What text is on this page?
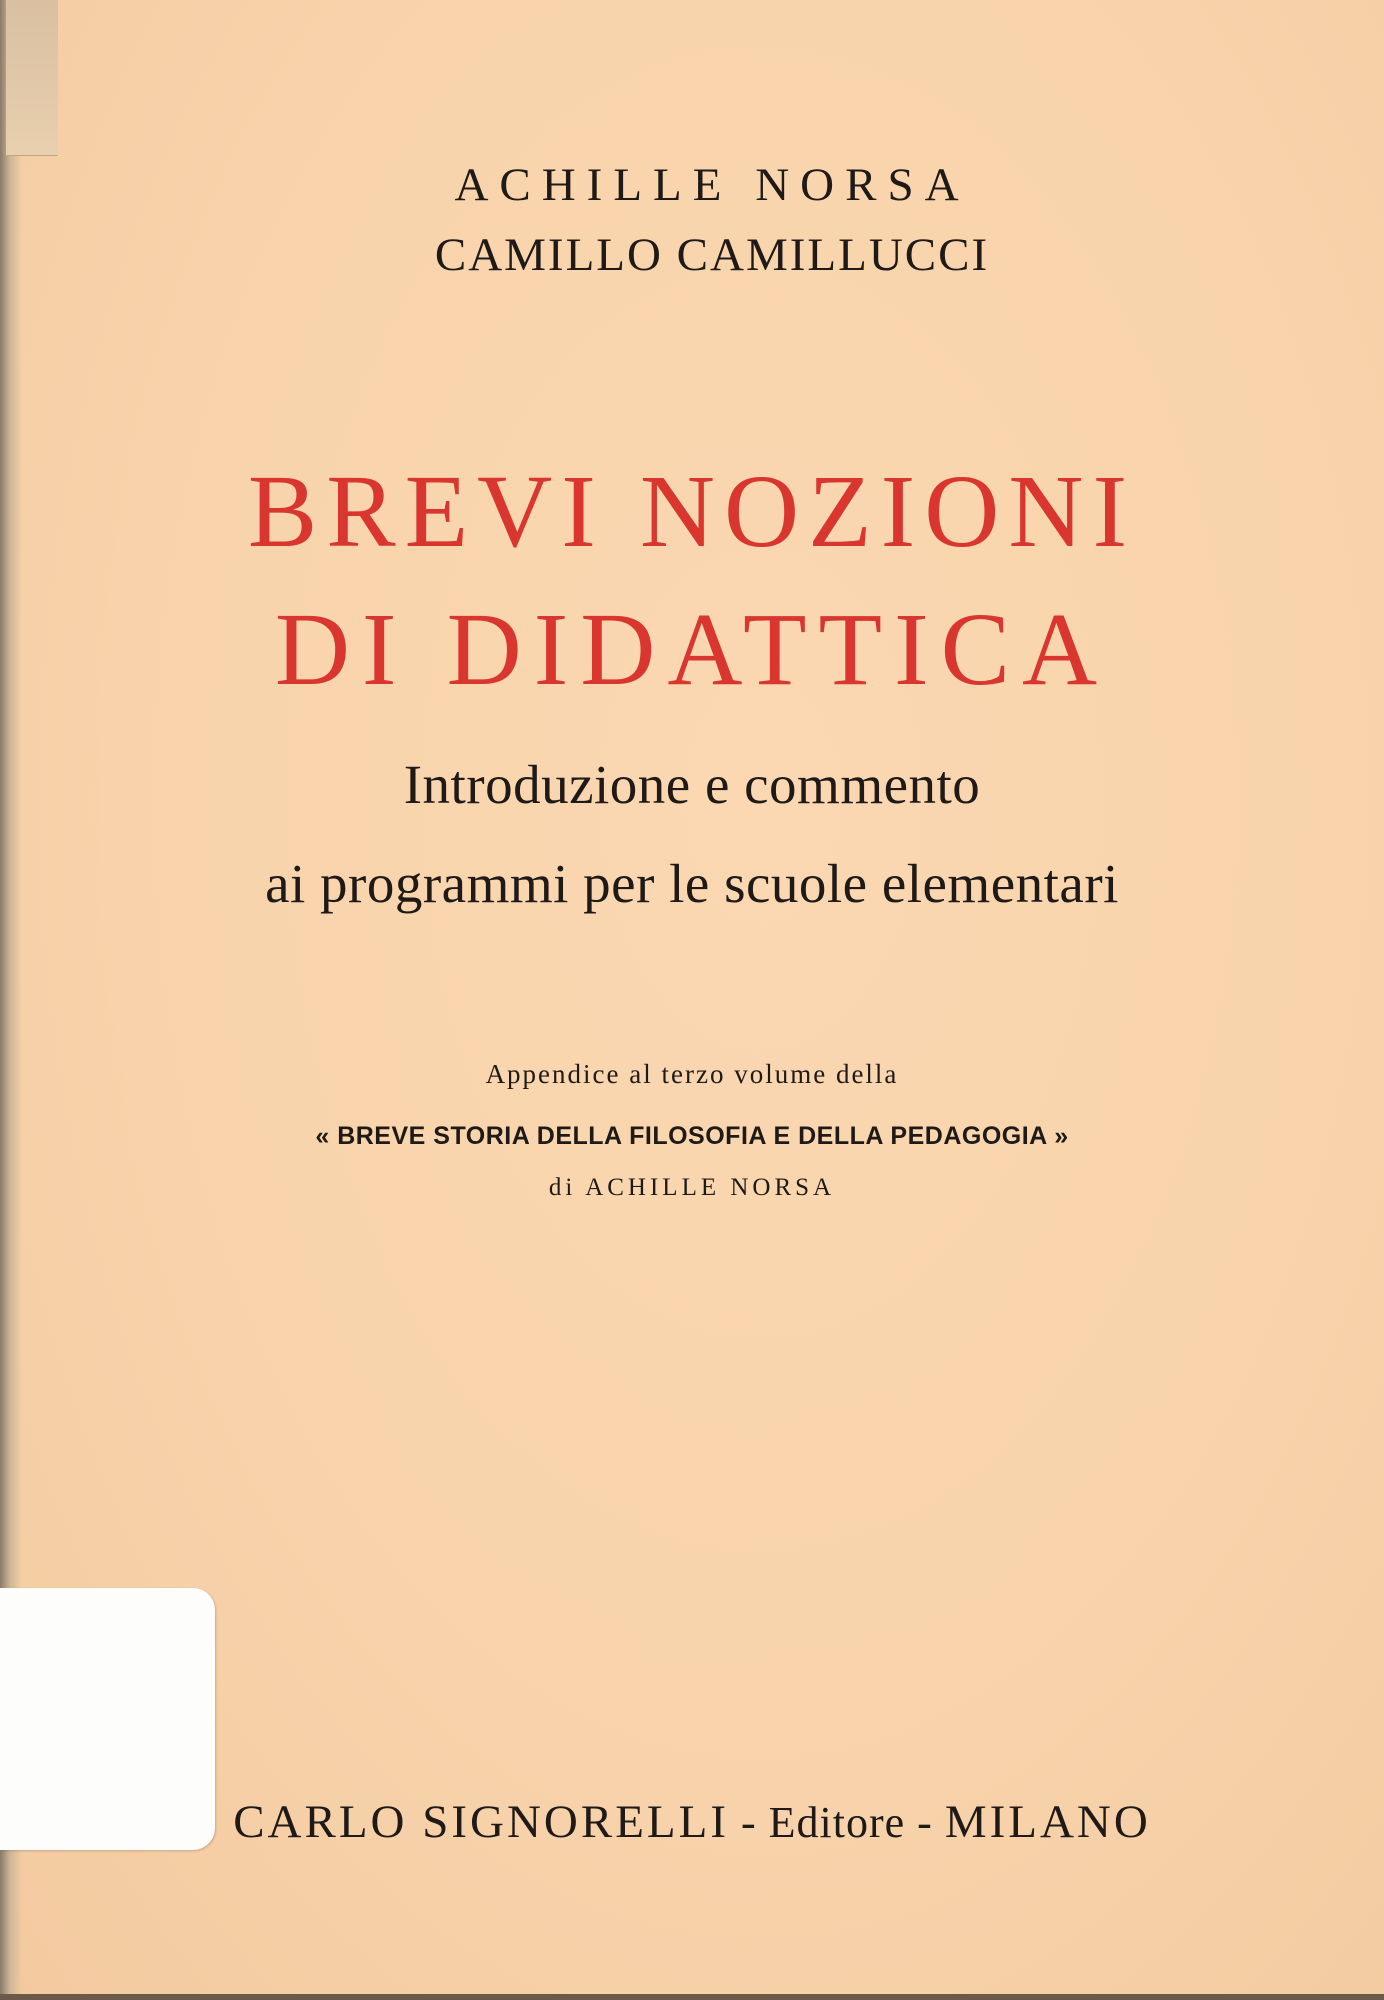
ACHILLE NORSA
CAMILLO CAMILLUCCI
BREVI NOZIONI
DI DIDATTICA
Introduzione e commento
ai programmi per le scuole elementari
Appendice al terzo volume della
« BREVE STORIA DELLA FILOSOFIA E DELLA PEDAGOGIA »
di ACHILLE NORSA
CARLO SIGNORELLI - Editore - MILANO
